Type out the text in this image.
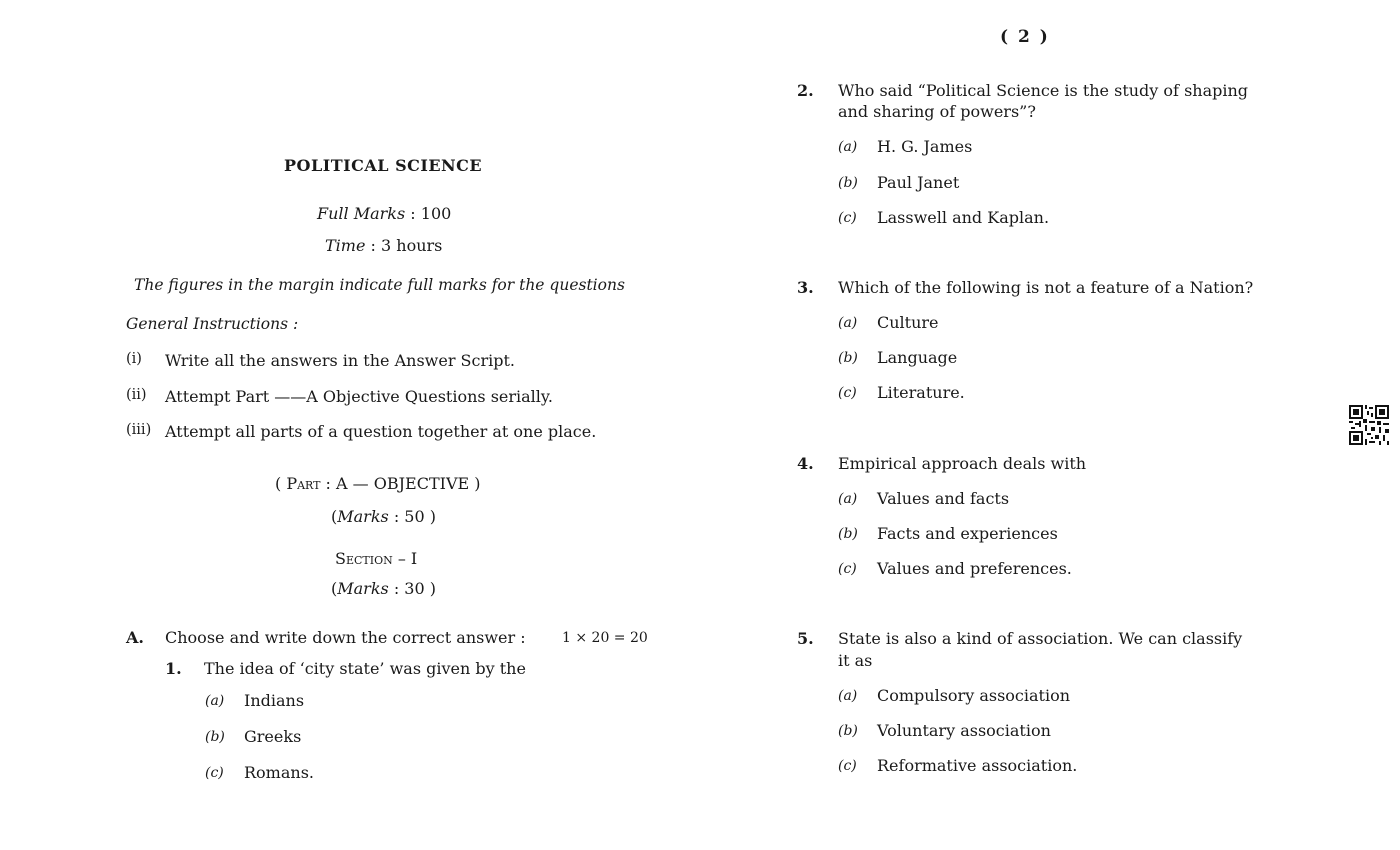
( 2 )
POLITICAL SCIENCE
Full Marks : 100
Time : 3 hours
The figures in the margin indicate full marks for the questions
General Instructions :
(i) Write all the answers in the Answer Script.
(ii) Attempt Part ——A Objective Questions serially.
(iii) Attempt all parts of a question together at one place.
( Part : A — OBJECTIVE )
(Marks : 50 )
Section – I
(Marks : 30 )
A. Choose and write down the correct answer :	1 × 20 = 20
1. The idea of ‘city state’ was given by the
(a) Indians
(b) Greeks
(c) Romans.
2. Who said “Political Science is the study of shaping
and sharing of powers”?
(a) H. G. James
(b) Paul Janet
(c) Lasswell and Kaplan.
3. Which of the following is not a feature of a Nation?
(a) Culture
(b) Language
(c) Literature.
4. Empirical approach deals with
(a) Values and facts
(b) Facts and experiences
(c) Values and preferences.
5. State is also a kind of association. We can classify
it as
(a) Compulsory association
(b) Voluntary association
(c) Reformative association.
